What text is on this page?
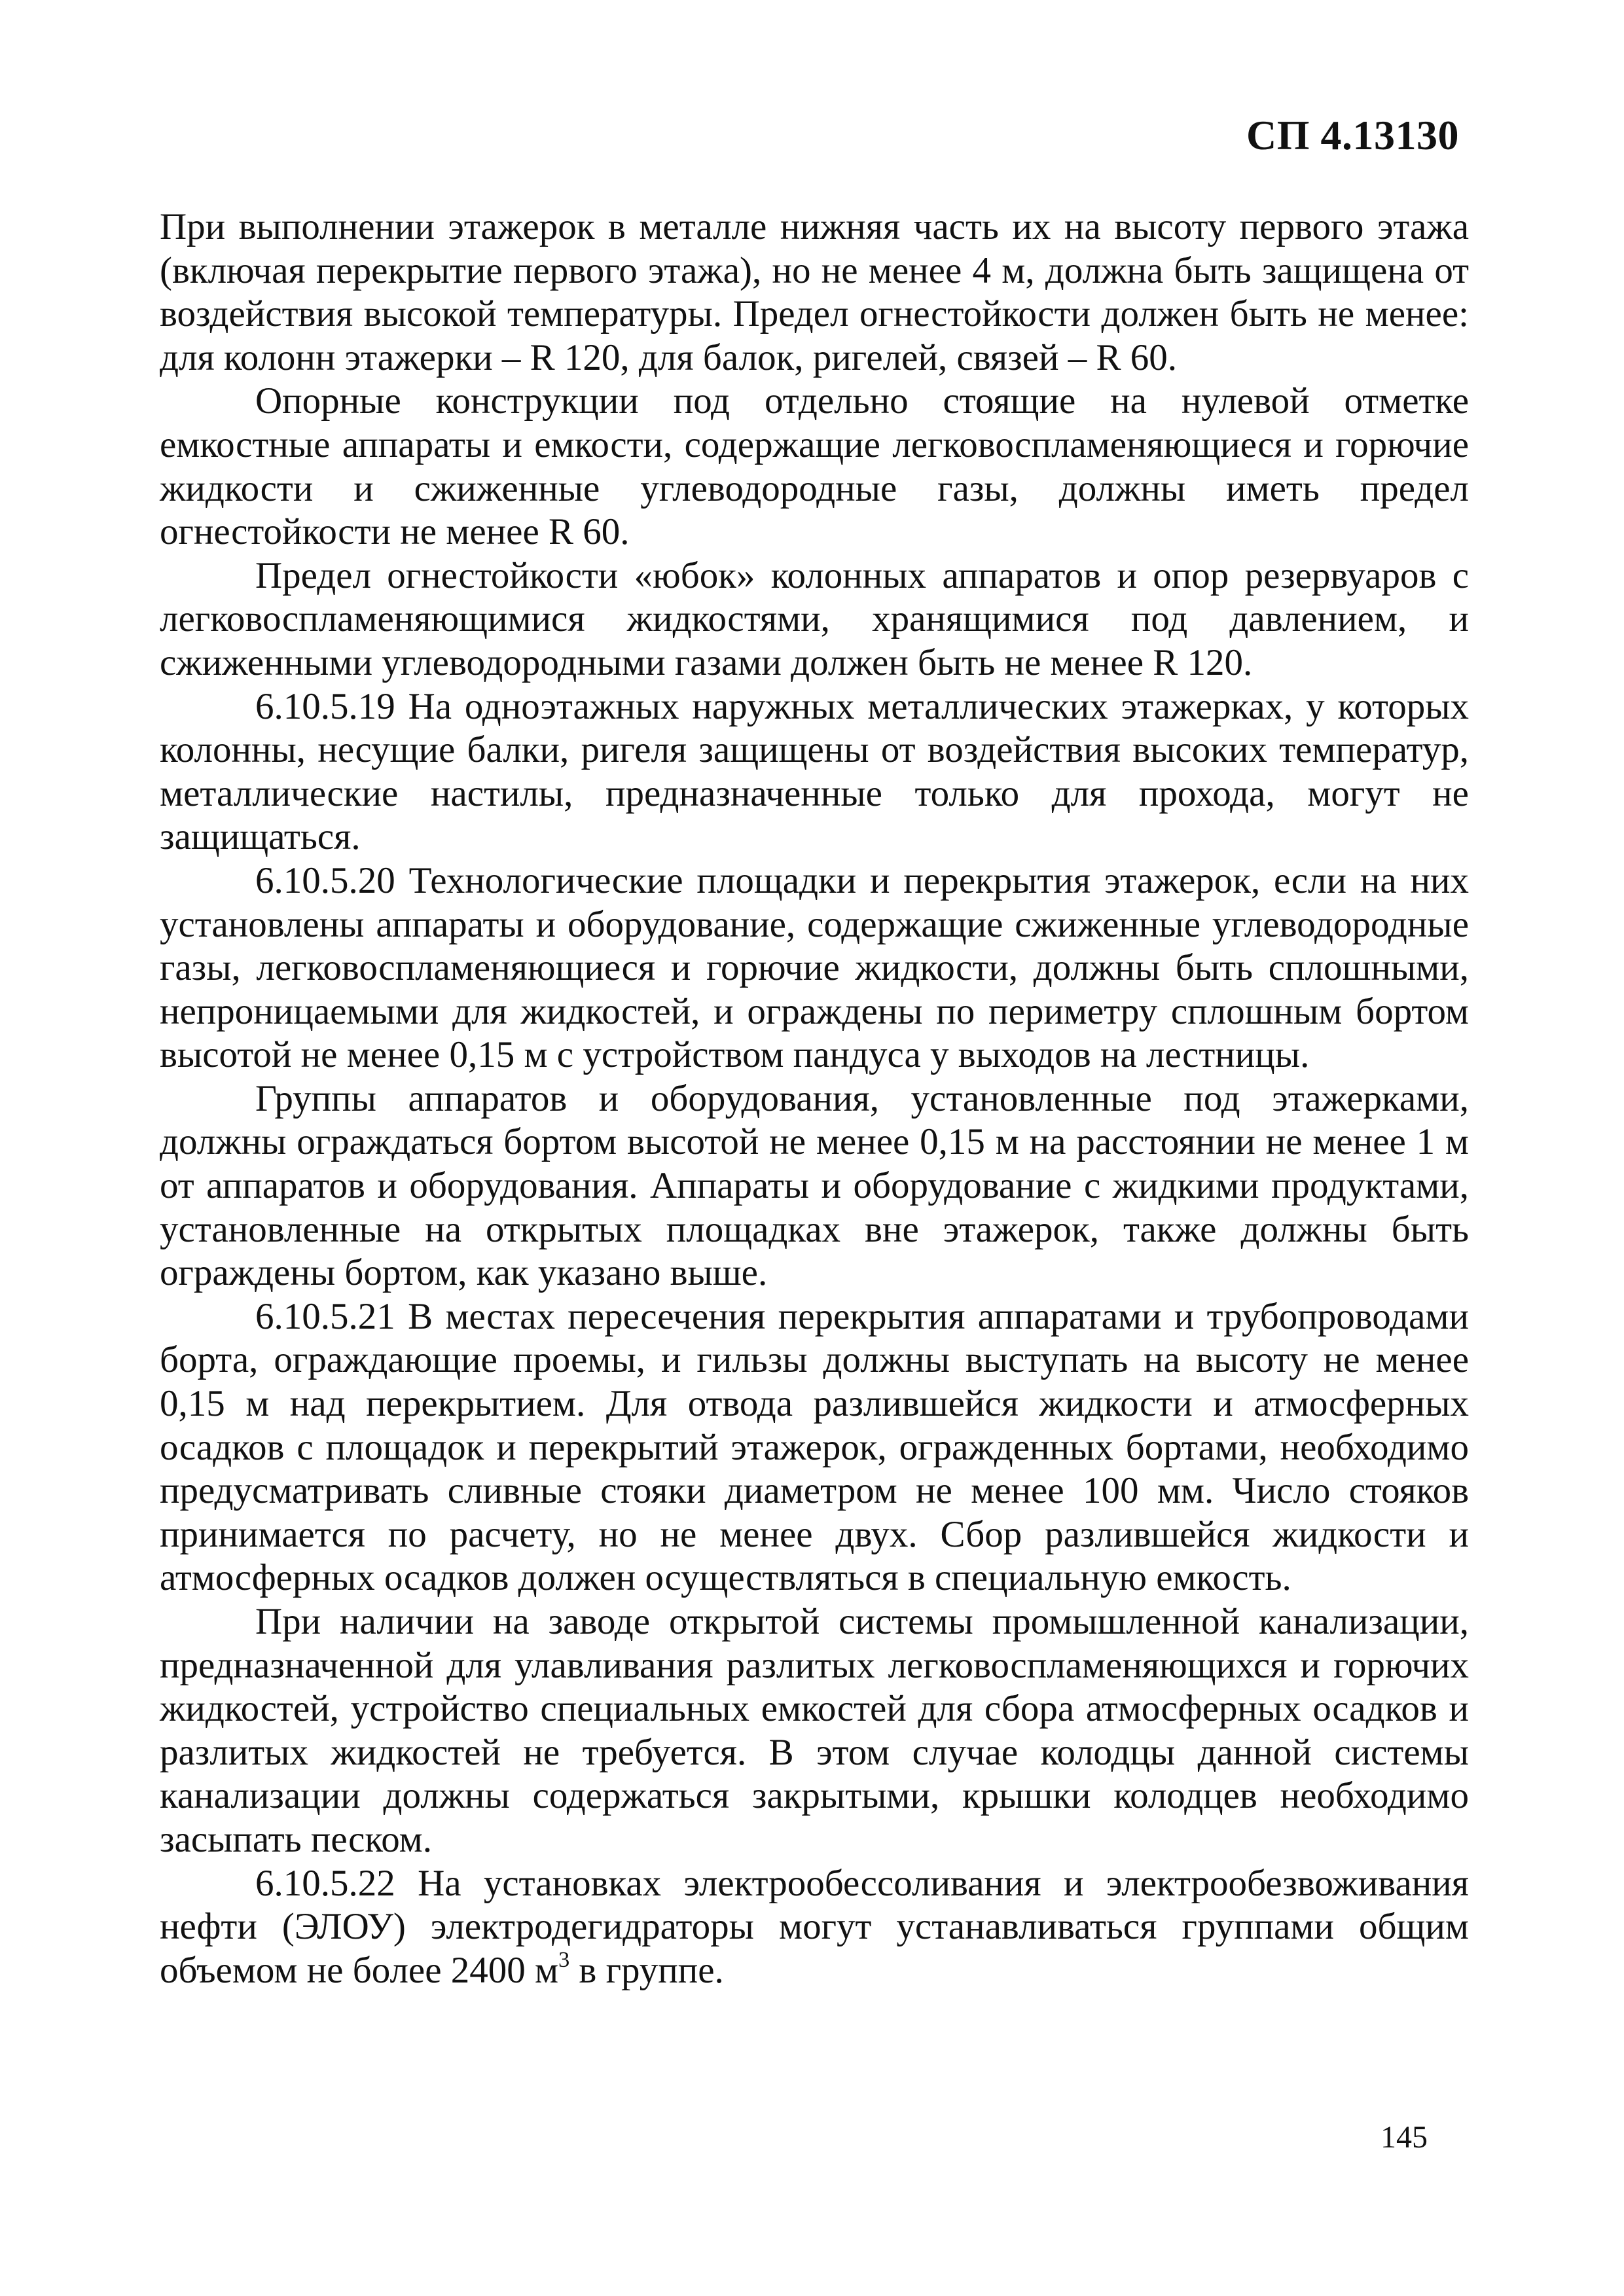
СП 4.13130

При выполнении этажерок в металле нижняя часть их на высоту первого этажа (включая перекрытие первого этажа), но не менее 4 м, должна быть защищена от воздействия высокой температуры. Предел огнестойкости должен быть не менее: для колонн этажерки – R 120, для балок, ригелей, связей – R 60.

Опорные конструкции под отдельно стоящие на нулевой отметке емкостные аппараты и емкости, содержащие легковоспламеняющиеся и горючие жидкости и сжиженные углеводородные газы, должны иметь предел огнестойкости не менее R 60.

Предел огнестойкости «юбок» колонных аппаратов и опор резервуаров с легковоспламеняющимися жидкостями, хранящимися под давлением, и сжиженными углеводородными газами должен быть не менее R 120.

6.10.5.19 На одноэтажных наружных металлических этажерках, у которых колонны, несущие балки, ригеля защищены от воздействия высоких температур, металлические настилы, предназначенные только для прохода, могут не защищаться.

6.10.5.20 Технологические площадки и перекрытия этажерок, если на них установлены аппараты и оборудование, содержащие сжиженные углеводородные газы, легковоспламеняющиеся и горючие жидкости, должны быть сплошными, непроницаемыми для жидкостей, и ограждены по периметру сплошным бортом высотой не менее 0,15 м с устройством пандуса у выходов на лестницы.

Группы аппаратов и оборудования, установленные под этажерками, должны ограждаться бортом высотой не менее 0,15 м на расстоянии не менее 1 м от аппаратов и оборудования. Аппараты и оборудование с жидкими продуктами, установленные на открытых площадках вне этажерок, также должны быть ограждены бортом, как указано выше.

6.10.5.21 В местах пересечения перекрытия аппаратами и трубопроводами борта, ограждающие проемы, и гильзы должны выступать на высоту не менее 0,15 м над перекрытием. Для отвода разлившейся жидкости и атмосферных осадков с площадок и перекрытий этажерок, огражденных бортами, необходимо предусматривать сливные стояки диаметром не менее 100 мм. Число стояков принимается по расчету, но не менее двух. Сбор разлившейся жидкости и атмосферных осадков должен осуществляться в специальную емкость.

При наличии на заводе открытой системы промышленной канализации, предназначенной для улавливания разлитых легковоспламеняющихся и горючих жидкостей, устройство специальных емкостей для сбора атмосферных осадков и разлитых жидкостей не требуется. В этом случае колодцы данной системы канализации должны содержаться закрытыми, крышки колодцев необходимо засыпать песком.

6.10.5.22 На установках электрообессоливания и электрообезвоживания нефти (ЭЛОУ) электродегидраторы могут устанавливаться группами общим объемом не более 2400 $м^3$ в группе.

145
